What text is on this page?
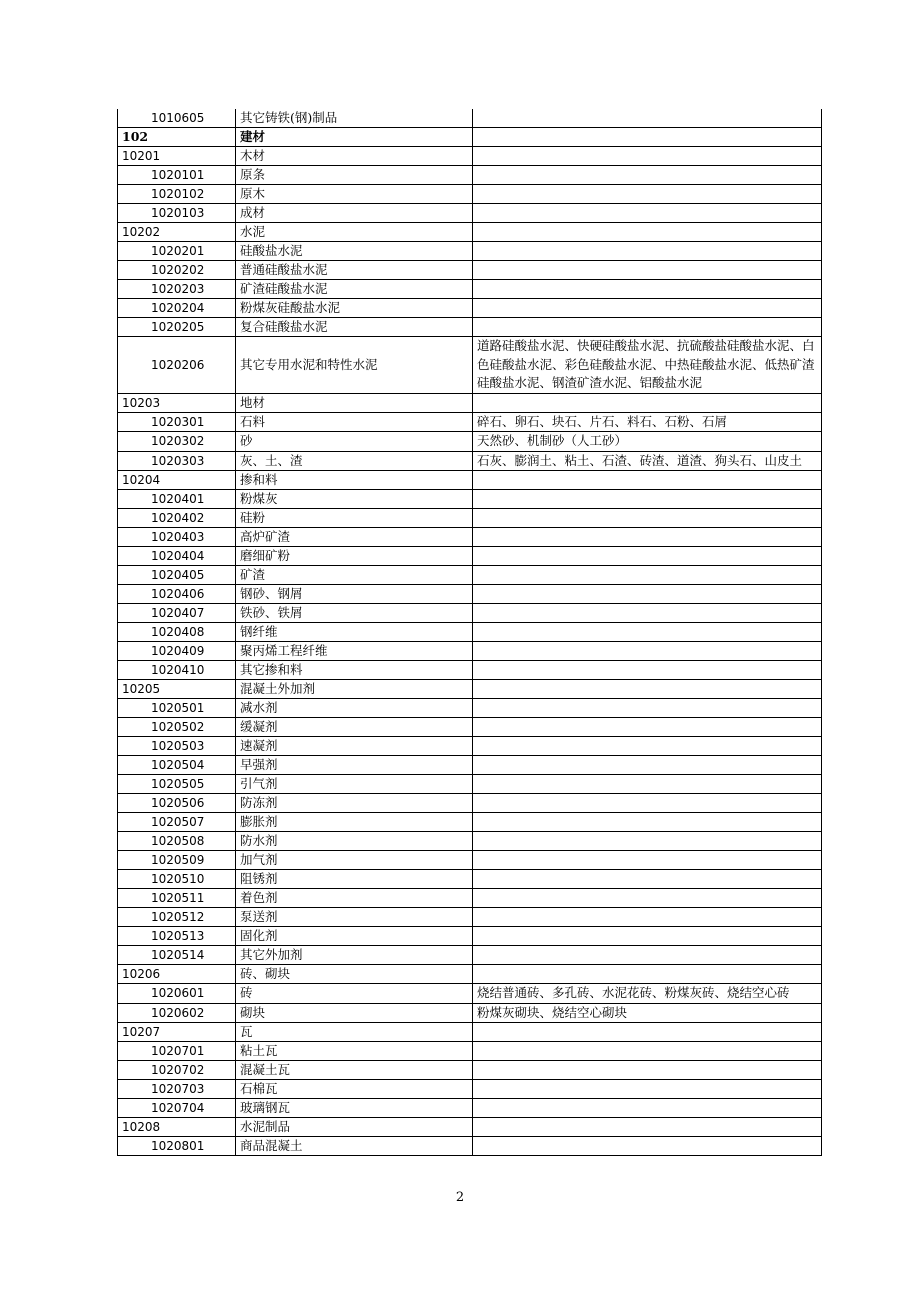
1010605	其它铸铁(钢)制品	
102	建材	
10201	木材	
1020101	原条	
1020102	原木	
1020103	成材	
10202	水泥	
1020201	硅酸盐水泥	
1020202	普通硅酸盐水泥	
1020203	矿渣硅酸盐水泥	
1020204	粉煤灰硅酸盐水泥	
1020205	复合硅酸盐水泥	
1020206	其它专用水泥和特性水泥	道路硅酸盐水泥、快硬硅酸盐水泥、抗硫酸盐硅酸盐水泥、白色硅酸盐水泥、彩色硅酸盐水泥、中热硅酸盐水泥、低热矿渣硅酸盐水泥、钢渣矿渣水泥、铝酸盐水泥
10203	地材	
1020301	石料	碎石、卵石、块石、片石、料石、石粉、石屑
1020302	砂	天然砂、机制砂（人工砂）
1020303	灰、土、渣	石灰、膨润土、粘土、石渣、砖渣、道渣、狗头石、山皮土
10204	掺和料	
1020401	粉煤灰	
1020402	硅粉	
1020403	高炉矿渣	
1020404	磨细矿粉	
1020405	矿渣	
1020406	钢砂、钢屑	
1020407	铁砂、铁屑	
1020408	钢纤维	
1020409	聚丙烯工程纤维	
1020410	其它掺和料	
10205	混凝土外加剂	
1020501	减水剂	
1020502	缓凝剂	
1020503	速凝剂	
1020504	早强剂	
1020505	引气剂	
1020506	防冻剂	
1020507	膨胀剂	
1020508	防水剂	
1020509	加气剂	
1020510	阻锈剂	
1020511	着色剂	
1020512	泵送剂	
1020513	固化剂	
1020514	其它外加剂	
10206	砖、砌块	
1020601	砖	烧结普通砖、多孔砖、水泥花砖、粉煤灰砖、烧结空心砖
1020602	砌块	粉煤灰砌块、烧结空心砌块
10207	瓦	
1020701	粘土瓦	
1020702	混凝土瓦	
1020703	石棉瓦	
1020704	玻璃钢瓦	
10208	水泥制品	
1020801	商品混凝土	
2
